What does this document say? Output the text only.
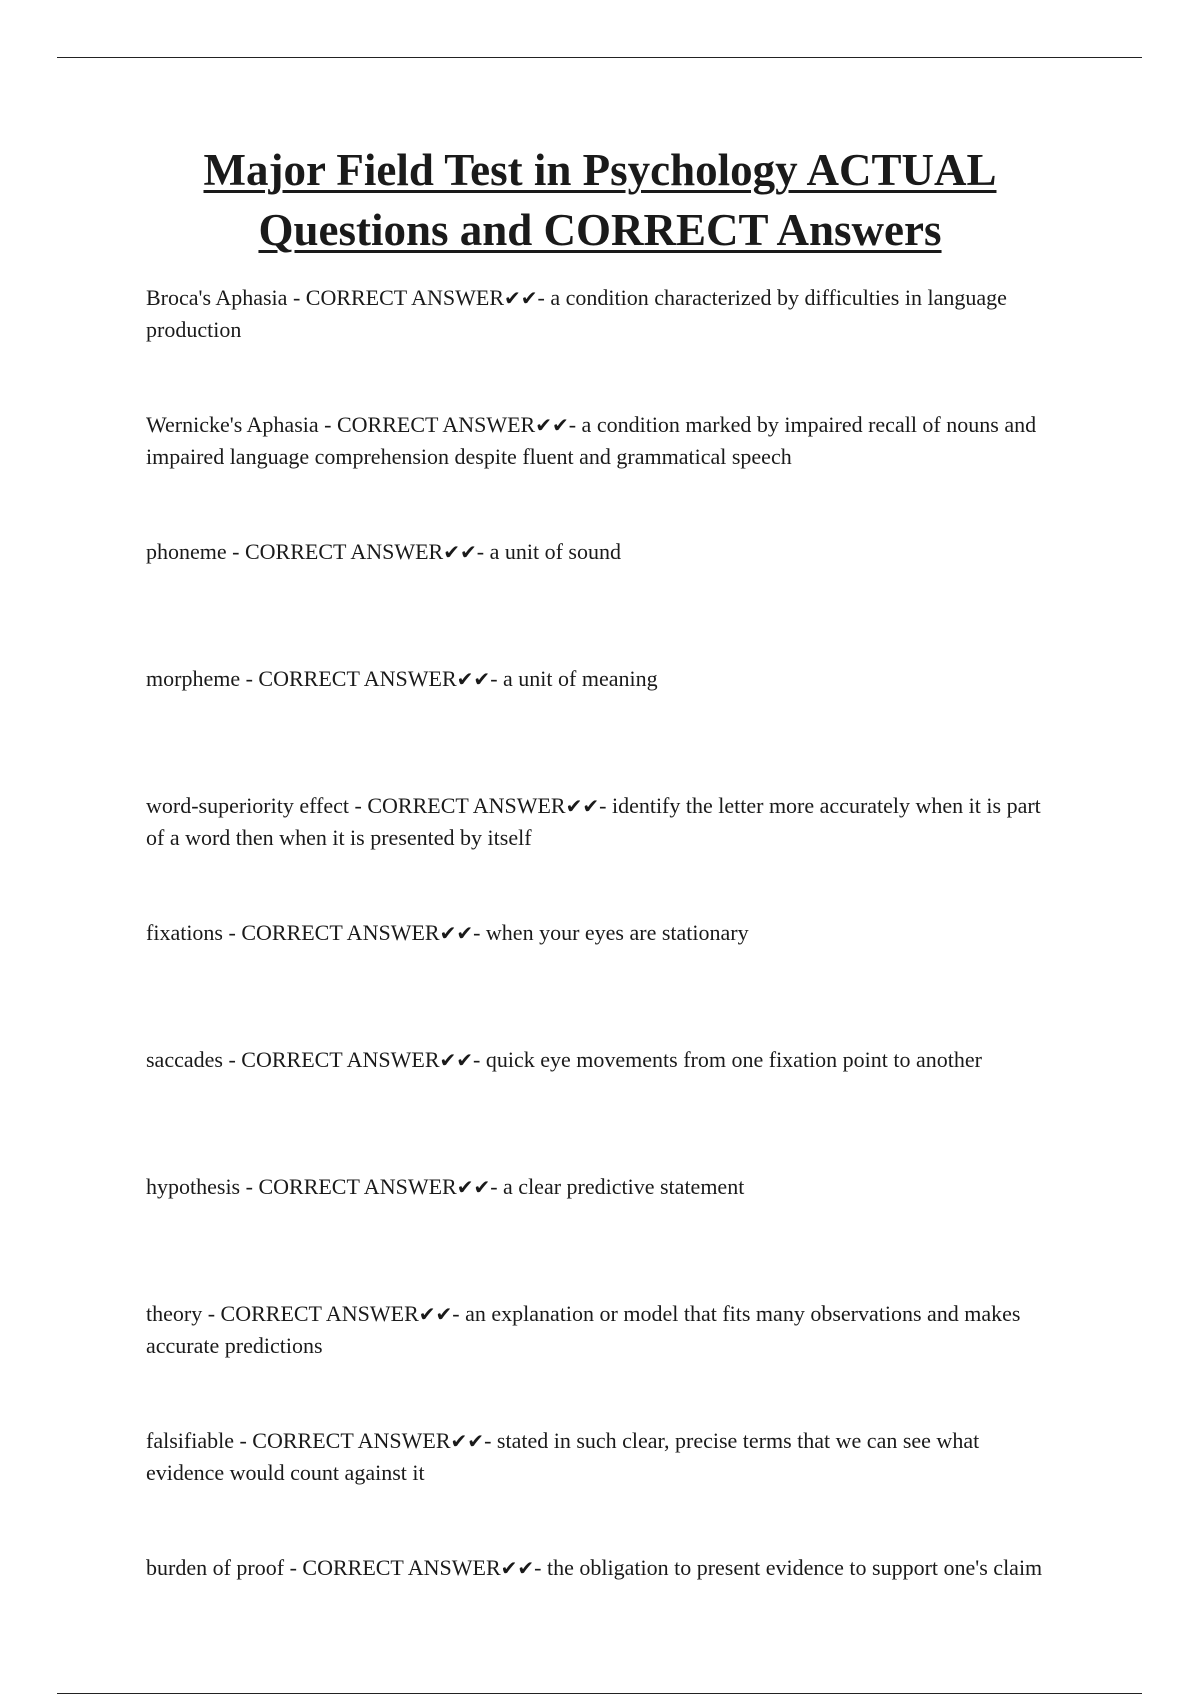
Major Field Test in Psychology ACTUAL
Questions and CORRECT Answers

Broca's Aphasia - CORRECT ANSWER✔✔- a condition characterized by difficulties in language production

Wernicke's Aphasia - CORRECT ANSWER✔✔- a condition marked by impaired recall of nouns and impaired language comprehension despite fluent and grammatical speech

phoneme - CORRECT ANSWER✔✔- a unit of sound

morpheme - CORRECT ANSWER✔✔- a unit of meaning

word-superiority effect - CORRECT ANSWER✔✔- identify the letter more accurately when it is part of a word then when it is presented by itself

fixations - CORRECT ANSWER✔✔- when your eyes are stationary

saccades - CORRECT ANSWER✔✔- quick eye movements from one fixation point to another

hypothesis - CORRECT ANSWER✔✔- a clear predictive statement

theory - CORRECT ANSWER✔✔- an explanation or model that fits many observations and makes accurate predictions

falsifiable - CORRECT ANSWER✔✔- stated in such clear, precise terms that we can see what evidence would count against it

burden of proof - CORRECT ANSWER✔✔- the obligation to present evidence to support one's claim
